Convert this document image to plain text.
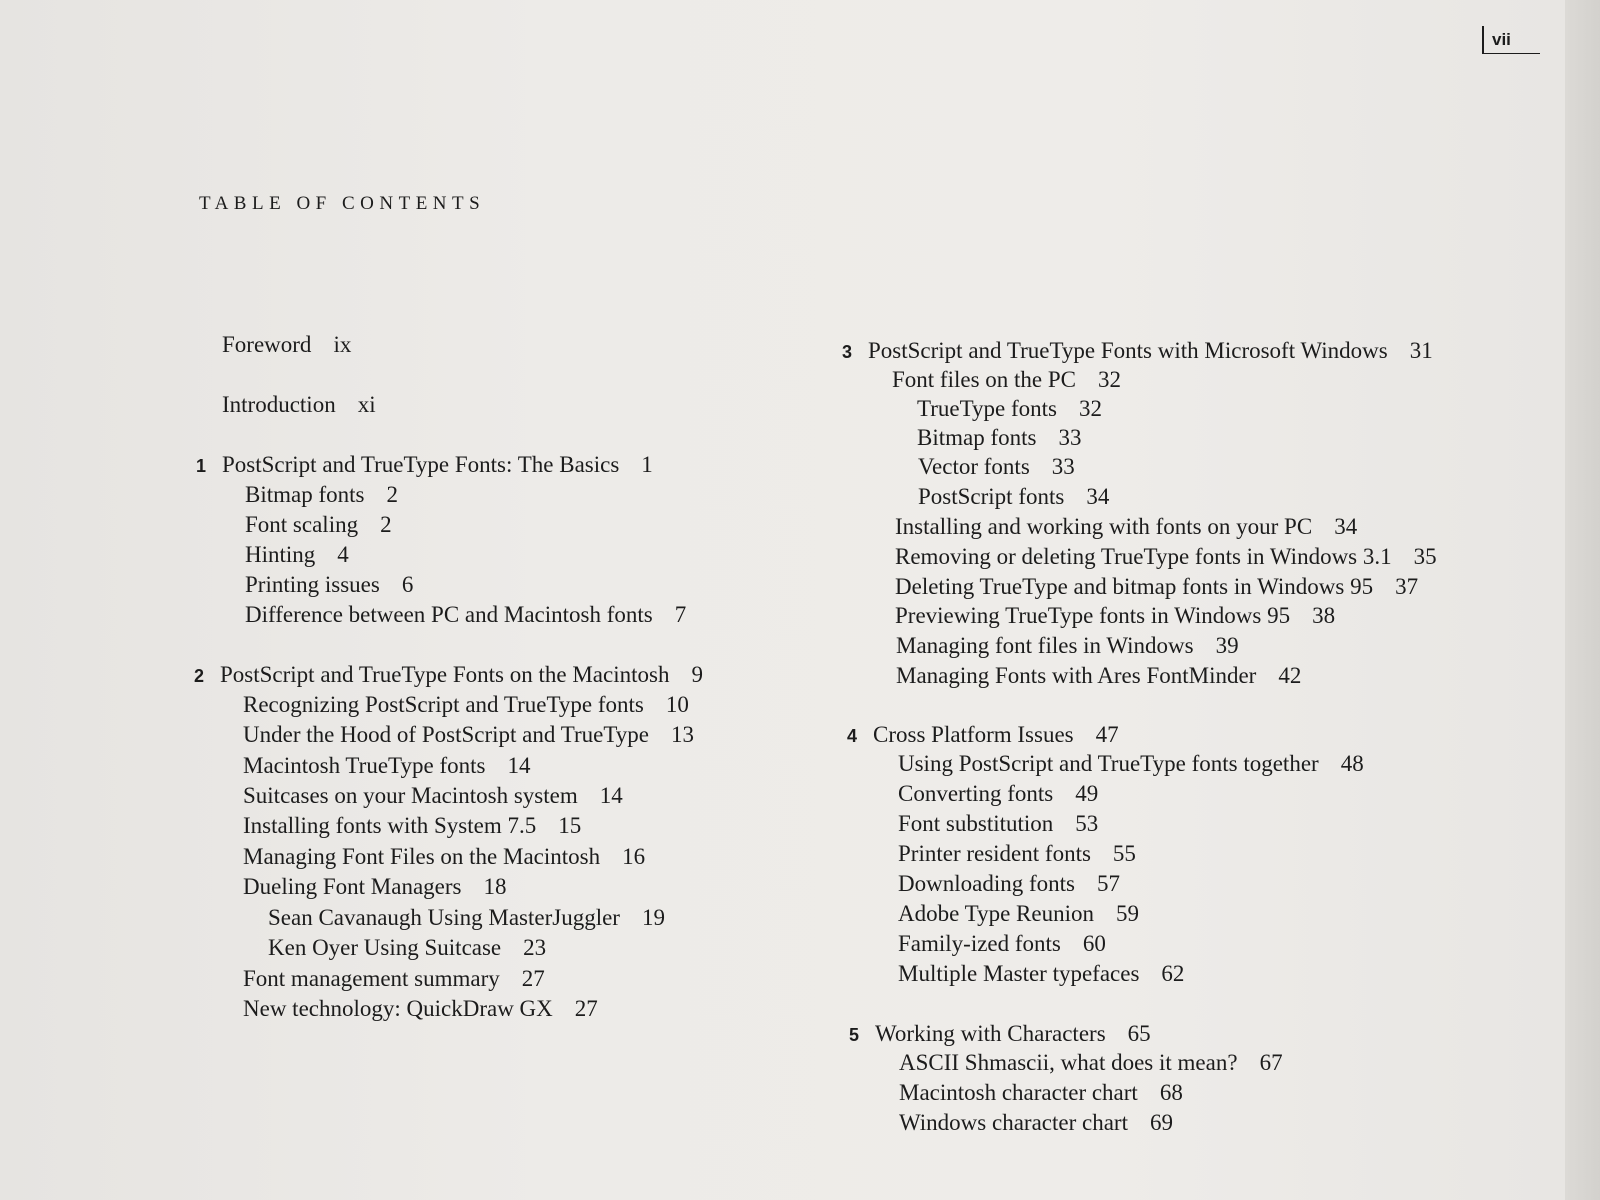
vii
TABLE OF CONTENTS
Foreword ix
Introduction xi
1 PostScript and TrueType Fonts: The Basics 1
Bitmap fonts 2
Font scaling 2
Hinting 4
Printing issues 6
Difference between PC and Macintosh fonts 7
2 PostScript and TrueType Fonts on the Macintosh 9
Recognizing PostScript and TrueType fonts 10
Under the Hood of PostScript and TrueType 13
Macintosh TrueType fonts 14
Suitcases on your Macintosh system 14
Installing fonts with System 7.5 15
Managing Font Files on the Macintosh 16
Dueling Font Managers 18
Sean Cavanaugh Using MasterJuggler 19
Ken Oyer Using Suitcase 23
Font management summary 27
New technology: QuickDraw GX 27
3 PostScript and TrueType Fonts with Microsoft Windows 31
Font files on the PC 32
TrueType fonts 32
Bitmap fonts 33
Vector fonts 33
PostScript fonts 34
Installing and working with fonts on your PC 34
Removing or deleting TrueType fonts in Windows 3.1 35
Deleting TrueType and bitmap fonts in Windows 95 37
Previewing TrueType fonts in Windows 95 38
Managing font files in Windows 39
Managing Fonts with Ares FontMinder 42
4 Cross Platform Issues 47
Using PostScript and TrueType fonts together 48
Converting fonts 49
Font substitution 53
Printer resident fonts 55
Downloading fonts 57
Adobe Type Reunion 59
Family-ized fonts 60
Multiple Master typefaces 62
5 Working with Characters 65
ASCII Shmascii, what does it mean? 67
Macintosh character chart 68
Windows character chart 69
